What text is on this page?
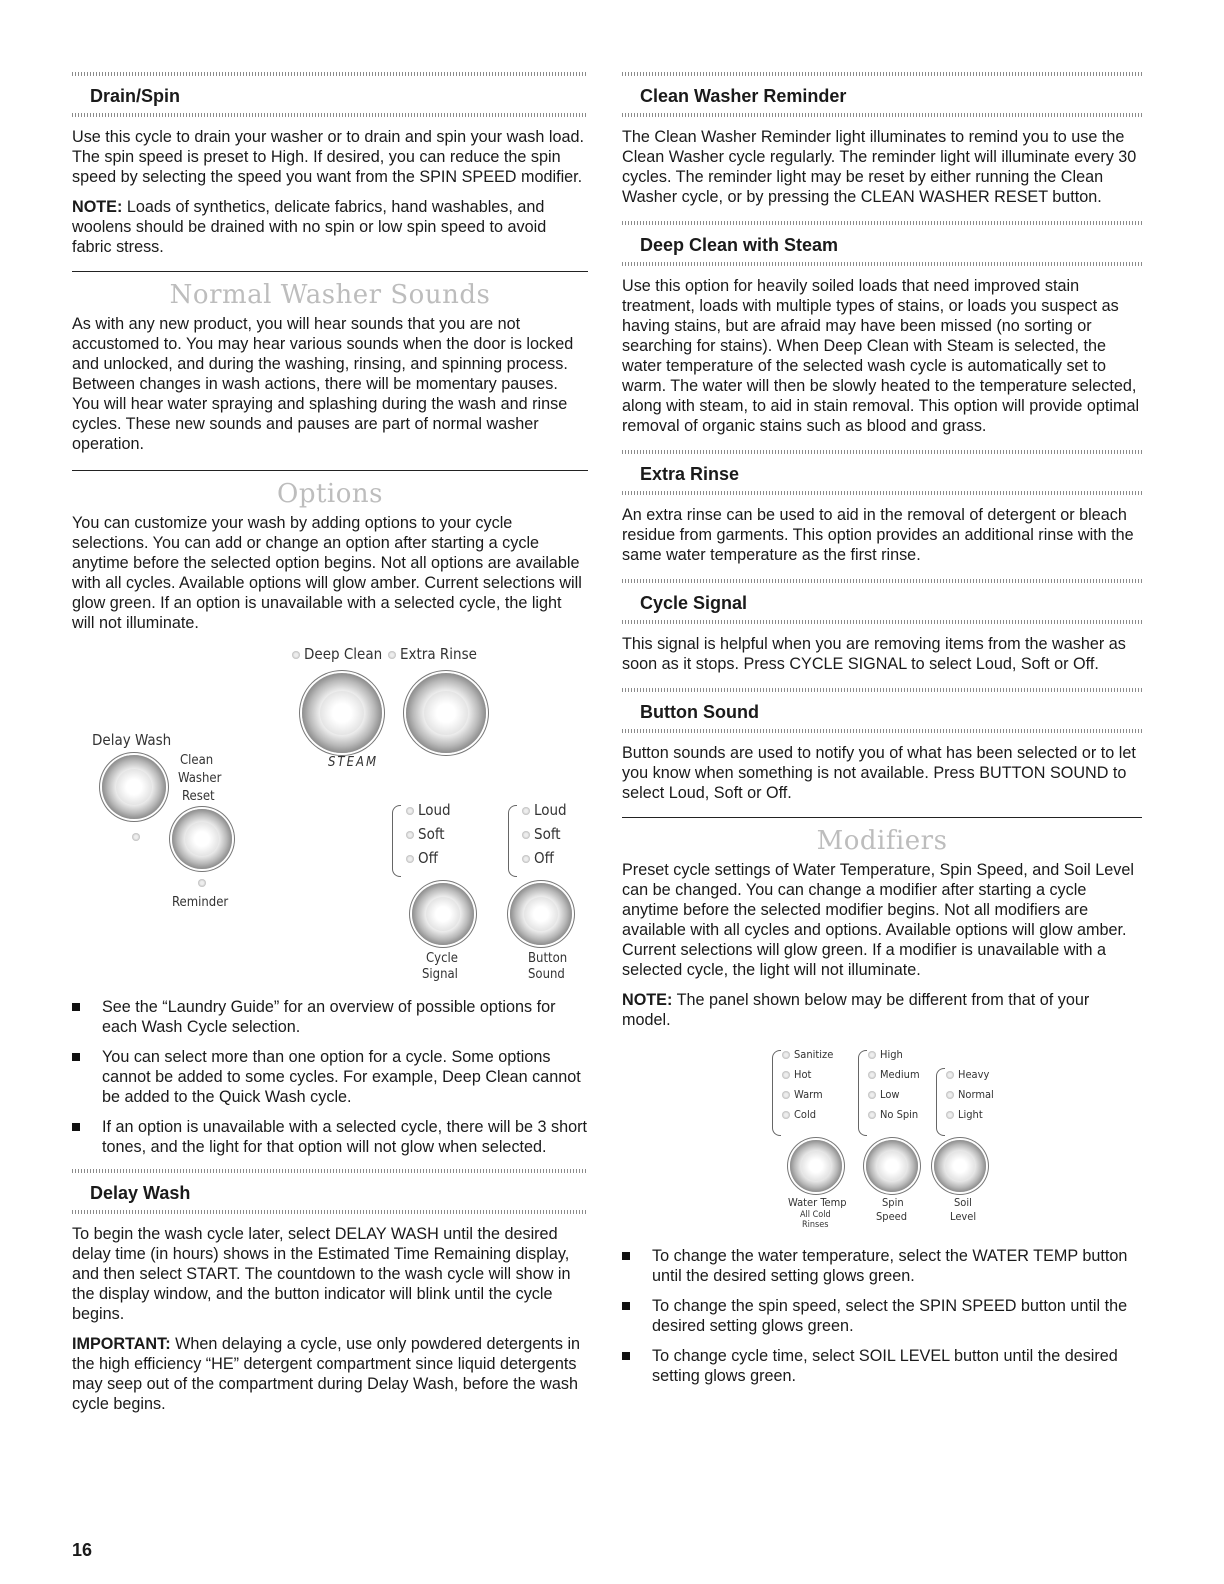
Drain/Spin

Use this cycle to drain your washer or to drain and spin your wash load. The spin speed is preset to High. If desired, you can reduce the spin speed by selecting the speed you want from the SPIN SPEED modifier.

NOTE: Loads of synthetics, delicate fabrics, hand washables, and woolens should be drained with no spin or low spin speed to avoid fabric stress.

Normal Washer Sounds

As with any new product, you will hear sounds that you are not accustomed to. You may hear various sounds when the door is locked and unlocked, and during the washing, rinsing, and spinning process. Between changes in wash actions, there will be momentary pauses. You will hear water spraying and splashing during the wash and rinse cycles. These new sounds and pauses are part of normal washer operation.

Options

You can customize your wash by adding options to your cycle selections. You can add or change an option after starting a cycle anytime before the selected option begins. Not all options are available with all cycles. Available options will glow amber. Current selections will glow green. If an option is unavailable with a selected cycle, the light will not illuminate.

Deep Clean	Extra Rinse
STEAM
Delay Wash
Clean
Washer
Reset
Reminder
Loud
Soft
Off
Loud
Soft
Off
Cycle
Signal
Button
Sound
See the “Laundry Guide” for an overview of possible options for each Wash Cycle selection.
You can select more than one option for a cycle. Some options cannot be added to some cycles. For example, Deep Clean cannot be added to the Quick Wash cycle.
If an option is unavailable with a selected cycle, there will be 3 short tones, and the light for that option will not glow when selected.
Delay Wash

To begin the wash cycle later, select DELAY WASH until the desired delay time (in hours) shows in the Estimated Time Remaining display, and then select START. The countdown to the wash cycle will show in the display window, and the button indicator will blink until the cycle begins.

IMPORTANT: When delaying a cycle, use only powdered detergents in the high efficiency “HE” detergent compartment since liquid detergents may seep out of the compartment during Delay Wash, before the wash cycle begins.

Clean Washer Reminder

The Clean Washer Reminder light illuminates to remind you to use the Clean Washer cycle regularly. The reminder light will illuminate every 30 cycles. The reminder light may be reset by either running the Clean Washer cycle, or by pressing the CLEAN WASHER RESET button.

Deep Clean with Steam

Use this option for heavily soiled loads that need improved stain treatment, loads with multiple types of stains, or loads you suspect as having stains, but are afraid may have been missed (no sorting or searching for stains). When Deep Clean with Steam is selected, the water temperature of the selected wash cycle is automatically set to warm. The water will then be slowly heated to the temperature selected, along with steam, to aid in stain removal. This option will provide optimal removal of organic stains such as blood and grass.

Extra Rinse

An extra rinse can be used to aid in the removal of detergent or bleach residue from garments. This option provides an additional rinse with the same water temperature as the first rinse.

Cycle Signal

This signal is helpful when you are removing items from the washer as soon as it stops. Press CYCLE SIGNAL to select Loud, Soft or Off.

Button Sound

Button sounds are used to notify you of what has been selected or to let you know when something is not available. Press BUTTON SOUND to select Loud, Soft or Off.

Modifiers

Preset cycle settings of Water Temperature, Spin Speed, and Soil Level can be changed. You can change a modifier after starting a cycle anytime before the selected modifier begins. Not all modifiers are available with all cycles and options. Available options will glow amber. Current selections will glow green. If a modifier is unavailable with a selected cycle, the light will not illuminate.

NOTE: The panel shown below may be different from that of your model.

Sanitize
Hot
Warm
Cold
High
Medium
Low
No Spin
Heavy
Normal
Light
Water Temp
All Cold
Rinses
Spin
Speed
Soil
Level
To change the water temperature, select the WATER TEMP button until the desired setting glows green.
To change the spin speed, select the SPIN SPEED button until the desired setting glows green.
To change cycle time, select SOIL LEVEL button until the desired setting glows green.
16
